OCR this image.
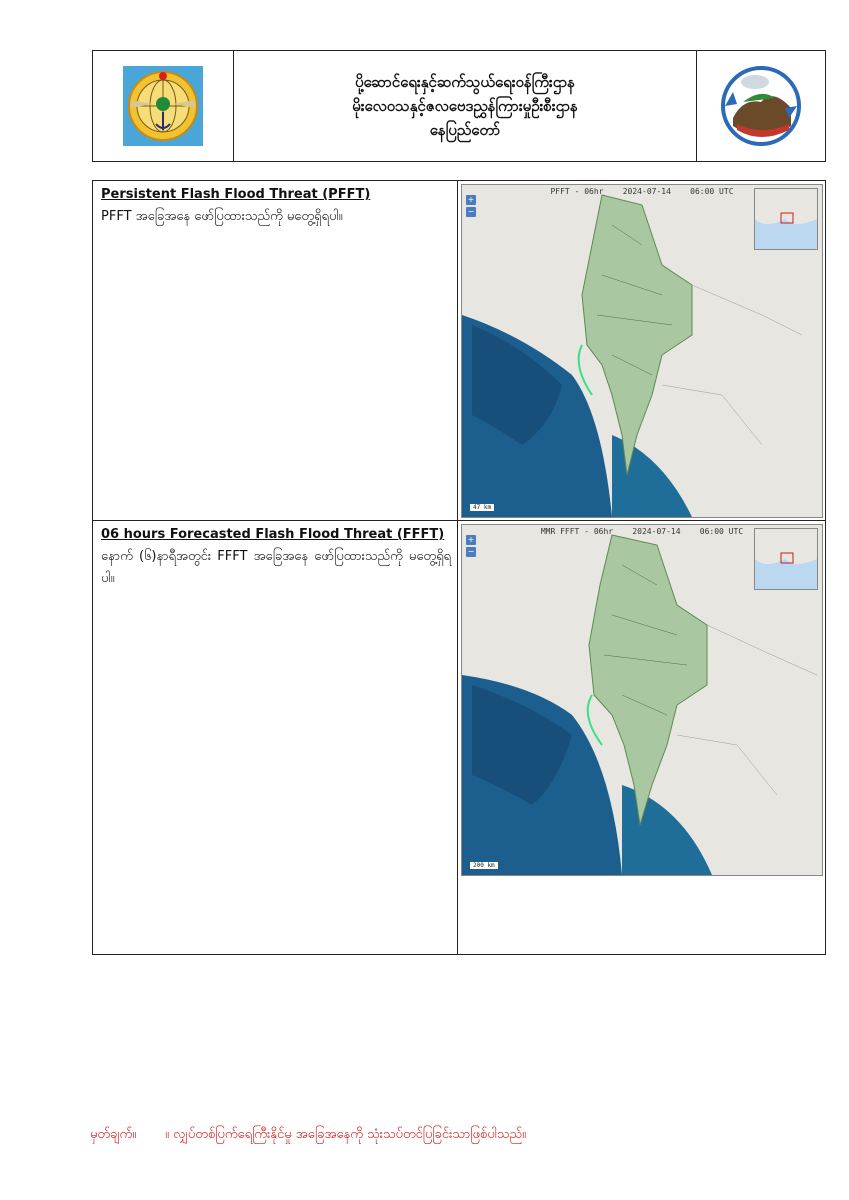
ပို့ဆောင်ရေးနှင့်ဆက်သွယ်ရေးဝန်ကြီးဌာန
မိုးလေဝသနှင့်ဇလဗေဒညွှန်ကြားမှုဦးစီးဌာန
နေပြည်တော်

Persistent Flash Flood Threat (PFFT)

PFFT အခြေအနေ ဖော်ပြထားသည်ကို မတွေ့ရှိရပါ။

PFFT - 06hr    2024-07-14    06:00 UTC
+
−
47 km

06 hours Forecasted Flash Flood Threat (FFFT)

နောက် (၆)နာရီအတွင်း FFFT အခြေအနေ ဖော်ပြထားသည်ကို မတွေ့ရှိရပါ။

MMR FFFT - 06hr    2024-07-14    06:00 UTC
+
−
200 km
မှတ်ချက်။       ။ လျှပ်တစ်ပြက်ရေကြီးနိုင်မှု အခြေအနေကို သုံးသပ်တင်ပြခြင်းသာဖြစ်ပါသည်။
